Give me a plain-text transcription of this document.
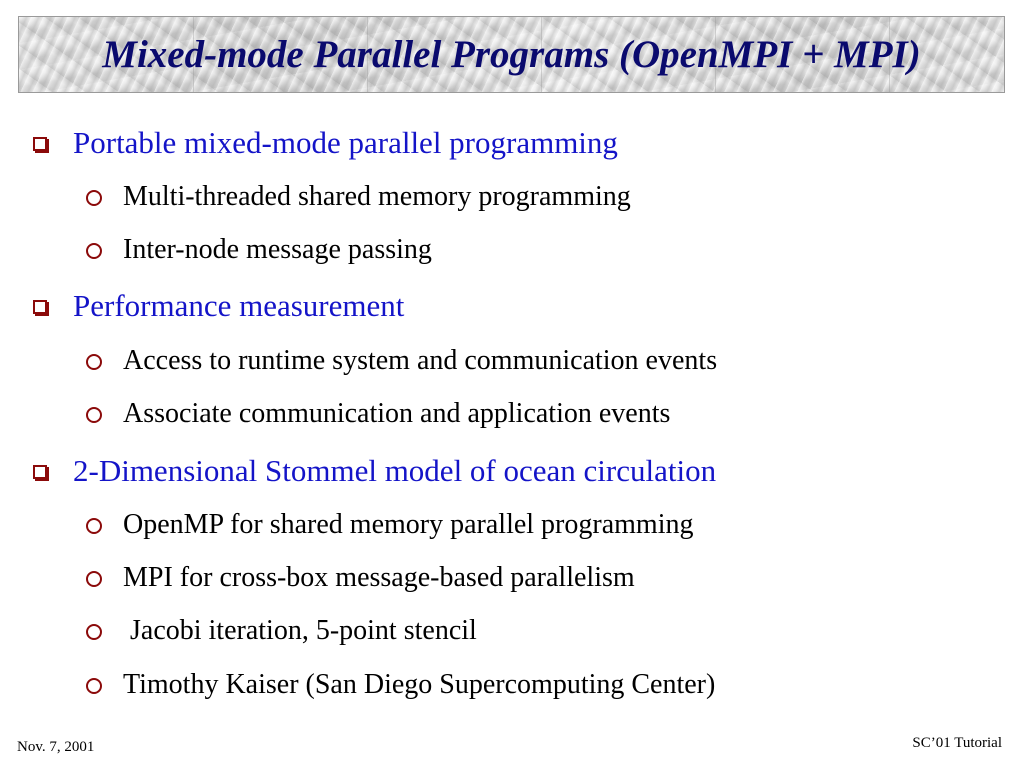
Mixed-mode Parallel Programs (OpenMPI + MPI)
Portable mixed-mode parallel programming
Multi-threaded shared memory programming
Inter-node message passing
Performance measurement
Access to runtime system and communication events
Associate communication and application events
2-Dimensional Stommel model of ocean circulation
OpenMP for shared memory parallel programming
MPI for cross-box message-based parallelism
Jacobi iteration, 5-point stencil
Timothy Kaiser (San Diego Supercomputing Center)
Nov. 7, 2001	SC’01 Tutorial
